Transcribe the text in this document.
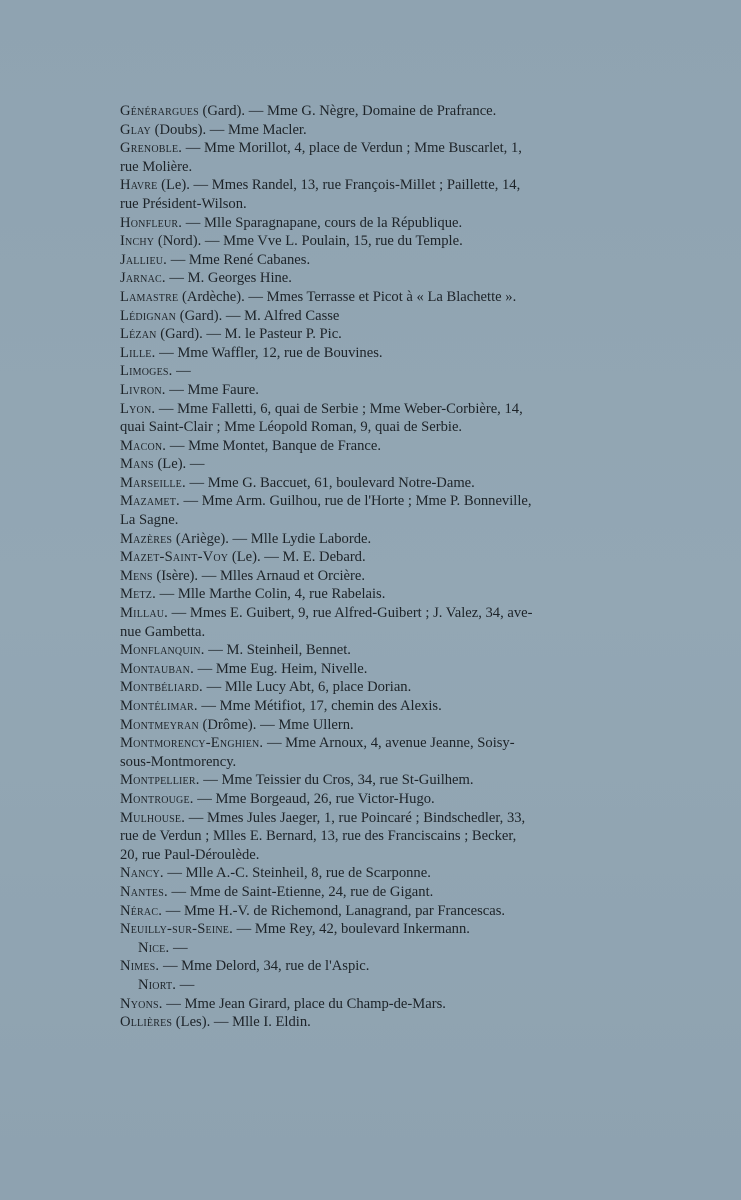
Générargues (Gard). — Mme G. Nègre, Domaine de Prafrance.
Glay (Doubs). — Mme Macler.
Grenoble. — Mme Morillot, 4, place de Verdun ; Mme Buscarlet, 1,
rue Molière.
Havre (Le). — Mmes Randel, 13, rue François-Millet ; Paillette, 14,
rue Président-Wilson.
Honfleur. — Mlle Sparagnapane, cours de la République.
Inchy (Nord). — Mme Vve L. Poulain, 15, rue du Temple.
Jallieu. — Mme René Cabanes.
Jarnac. — M. Georges Hine.
Lamastre (Ardèche). — Mmes Terrasse et Picot à « La Blachette ».
Lédignan (Gard). — M. Alfred Casse
Lézan (Gard). — M. le Pasteur P. Pic.
Lille. — Mme Waffler, 12, rue de Bouvines.
Limoges. —
Livron. — Mme Faure.
Lyon. — Mme Falletti, 6, quai de Serbie ; Mme Weber-Corbière, 14,
quai Saint-Clair ; Mme Léopold Roman, 9, quai de Serbie.
Macon. — Mme Montet, Banque de France.
Mans (Le). —
Marseille. — Mme G. Baccuet, 61, boulevard Notre-Dame.
Mazamet. — Mme Arm. Guilhou, rue de l'Horte ; Mme P. Bonneville,
La Sagne.
Mazères (Ariège). — Mlle Lydie Laborde.
Mazet-Saint-Voy (Le). — M. E. Debard.
Mens (Isère). — Mlles Arnaud et Orcière.
Metz. — Mlle Marthe Colin, 4, rue Rabelais.
Millau. — Mmes E. Guibert, 9, rue Alfred-Guibert ; J. Valez, 34, ave-
nue Gambetta.
Monflanquin. — M. Steinheil, Bennet.
Montauban. — Mme Eug. Heim, Nivelle.
Montbéliard. — Mlle Lucy Abt, 6, place Dorian.
Montélimar. — Mme Métifiot, 17, chemin des Alexis.
Montmeyran (Drôme). — Mme Ullern.
Montmorency-Enghien. — Mme Arnoux, 4, avenue Jeanne, Soisy-
sous-Montmorency.
Montpellier. — Mme Teissier du Cros, 34, rue St-Guilhem.
Montrouge. — Mme Borgeaud, 26, rue Victor-Hugo.
Mulhouse. — Mmes Jules Jaeger, 1, rue Poincaré ; Bindschedler, 33,
rue de Verdun ; Mlles E. Bernard, 13, rue des Franciscains ; Becker,
20, rue Paul-Déroulède.
Nancy. — Mlle A.-C. Steinheil, 8, rue de Scarponne.
Nantes. — Mme de Saint-Etienne, 24, rue de Gigant.
Nérac. — Mme H.-V. de Richemond, Lanagrand, par Francescas.
Neuilly-sur-Seine. — Mme Rey, 42, boulevard Inkermann.
Nice. —
Nimes. — Mme Delord, 34, rue de l'Aspic.
Niort. —
Nyons. — Mme Jean Girard, place du Champ-de-Mars.
Ollières (Les). — Mlle I. Eldin.
